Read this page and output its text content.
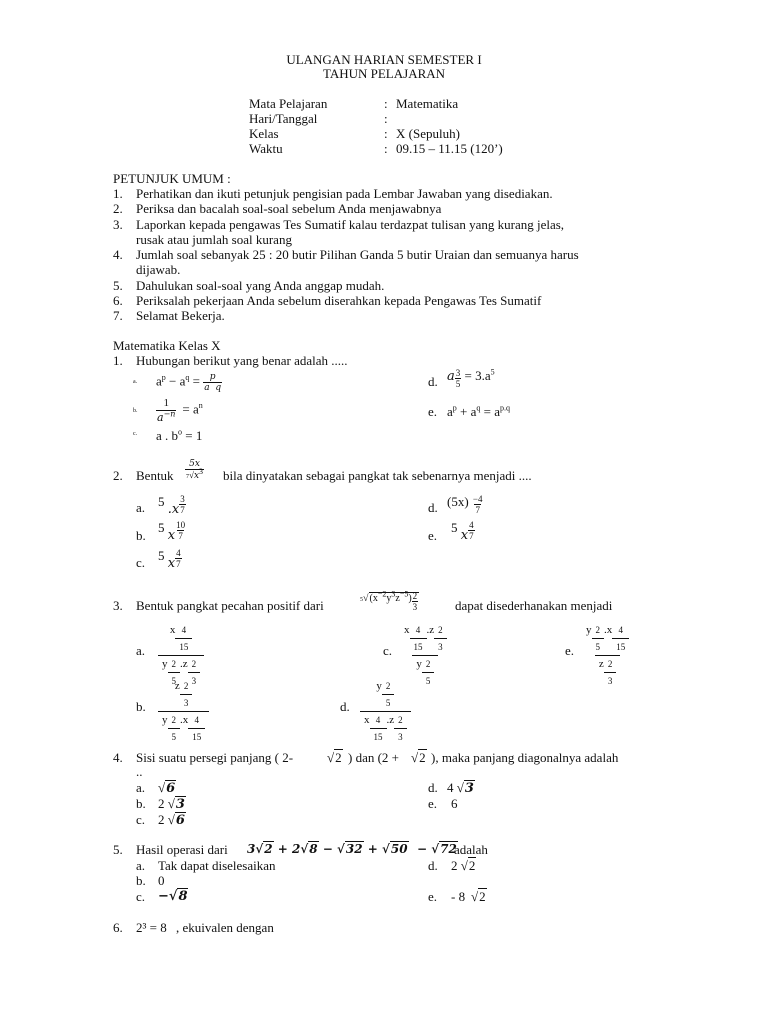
ULANGAN HARIAN SEMESTER I
TAHUN PELAJARAN
Mata Pelajaran	: Matematika
Hari/Tanggal	:
Kelas	: X (Sepuluh)
Waktu	: 09.15 – 11.15 (120’)
PETUNJUK UMUM :
1. Perhatikan dan ikuti petunjuk pengisian pada Lembar Jawaban yang disediakan.
2. Periksa dan bacalah soal-soal sebelum Anda menjawabnya
3. Laporkan kepada pengawas Tes Sumatif kalau terdazpat tulisan yang kurang jelas,
rusak atau jumlah soal kurang
4. Jumlah soal sebanyak 25 : 20 butir Pilihan Ganda 5 butir Uraian dan semuanya harus
dijawab.
5. Dahulukan soal-soal yang Anda anggap mudah.
6. Periksalah pekerjaan Anda sebelum diserahkan kepada Pengawas Tes Sumatif
7. Selamat Bekerja.
Matematika Kelas X
1. Hubungan berikut yang benar adalah .....
a. $a^p - a^q = \frac{p}{\text{a  q}}$	d. a $\frac{3}{5} = 3.a^5$
b. $\frac{1}{a^{-n}} = a^n$	e. $a^p + a^q = a^{p.q}$
c. a . $b^o = 1$
2. Bentuk $\frac{5x}{7√x^3}$ bila dinyatakan sebagai pangkat tak sebenarnya menjadi ....
a. 5 $.x \frac{3}{7}$	d. $(5x) \frac{-4}{7}$
b.
5 x $\frac{10}{7}$	e.
5 x $\frac{4}{7}$
c. 5 x $\frac{4}{7}$
3. Bentuk pangkat pecahan positif dari	$5√(x^{-2}y^3z^{-5}) \frac{2}{3}$	dapat disederhanakan menjadi
a. $\frac{x \frac{4}{15}}{y \frac{2}{5} .z \frac{2}{3}}$	c. $\frac{x \frac{4}{15} .z \frac{2}{3}}{y \frac{2}{5}}$	e. $\frac{y \frac{2}{5} .x \frac{4}{15}}{z \frac{2}{3}}$
b. $\frac{z \frac{2}{3}}{y \frac{2}{5} .x \frac{4}{15}}$	d. $\frac{y \frac{2}{5}}{x \frac{4}{15} .z \frac{2}{3}}$
4. Sisi suatu persegi panjang ( 2-	√2 ) dan (2 + √2 ), maka panjang diagonalnya adalah
..
a. √6	d. 4 √3
b. 2 √3	e. 6
c. 2 √6
5. Hasil operasi dari 3√2 + 2√8 − √32 + √50  − √72
adalah
a. Tak dapat diselesaikan	d. 2 √2
b. 0
c. −√8	e. - 8 √2
6. 2³ = 8 , ekuivalen dengan
